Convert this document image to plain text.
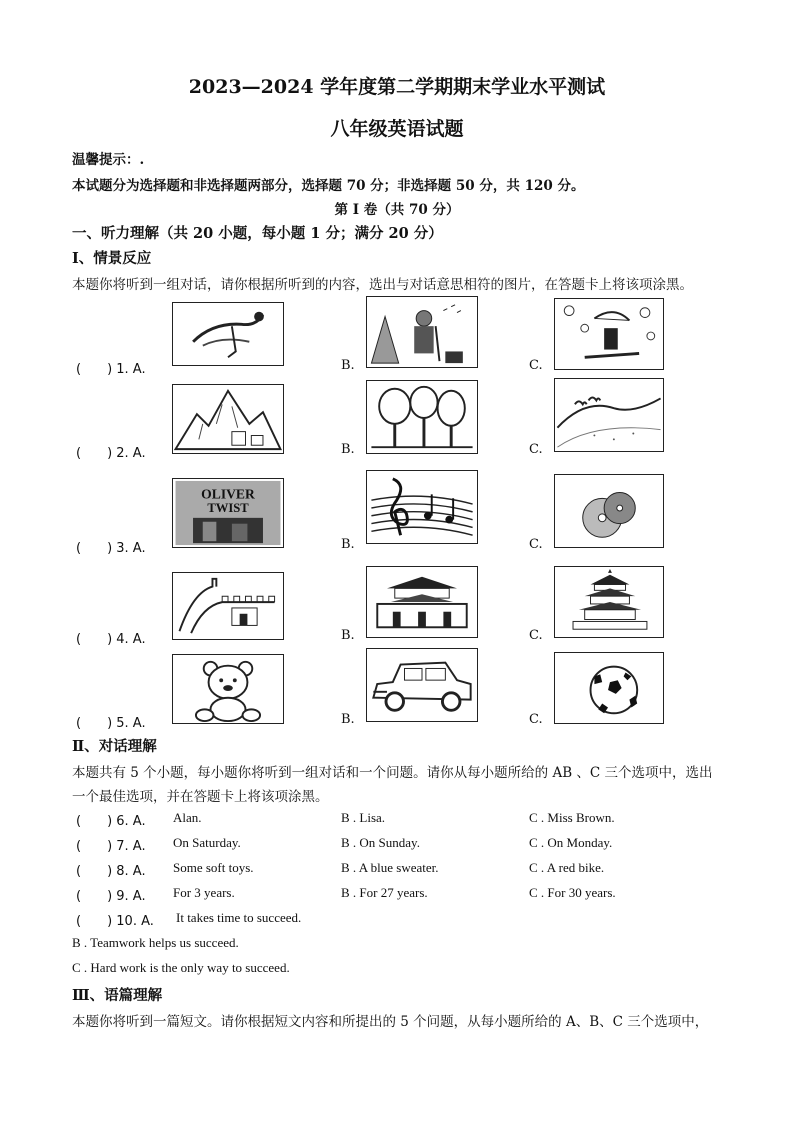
2023—2024 学年度第二学期期末学业水平测试
八年级英语试题
温馨提示：.
本试题分为选择题和非选择题两部分，选择题 70 分；非选择题 50 分，共 120 分。
第 I 卷（共 70 分）
一、听力理解（共 20 小题，每小题 1 分；满分 20 分）
Ⅰ、情景反应
本题你将听到一组对话，请你根据所听到的内容，选出与对话意思相符的图片，在答题卡上将该项涂黑。
(　　) 1. A.	B.	C.
(　　) 2. A.	B.	C.
OLIVER
TWIST
(　　) 3. A.	B.	C.
(　　) 4. A.	B.	C.
(　　) 5. A.	B.	C.
Ⅱ、对话理解
本题共有 5 个小题，每小题你将听到一组对话和一个问题。请你从每小题所给的 AB 、C 三个选项中，选出
一个最佳选项，并在答题卡上将该项涂黑。
(　　) 6. A. Alan.	B . Lisa.	C . Miss Brown.
(　　) 7. A. On Saturday.	B . On Sunday.	C . On Monday.
(　　) 8. A. Some soft toys.	B . A blue sweater.	C . A red bike.
(　　) 9. A. For 3 years.	B . For 27 years.	C . For 30 years.
(　　) 10. A. It takes time to succeed.
B . Teamwork helps us succeed.
C . Hard work is the only way to succeed.
Ⅲ、语篇理解
本题你将听到一篇短文。请你根据短文内容和所提出的 5 个问题，从每小题所给的 A、B、C 三个选项中，
